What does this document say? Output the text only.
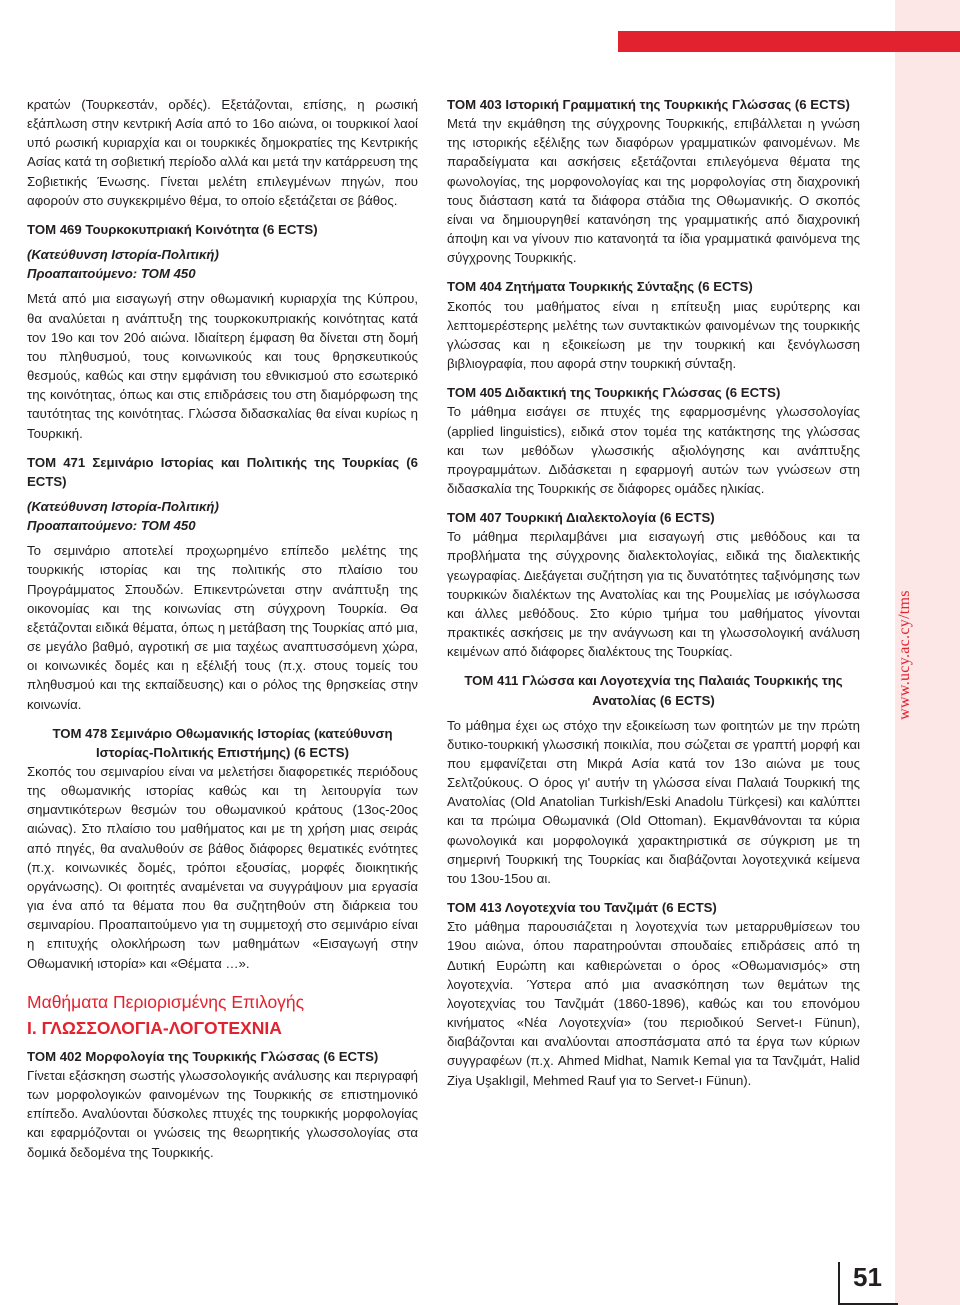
www.ucy.ac.cy/tms

κρατών (Τουρκεστάν, ορδές). Εξετάζονται, επίσης, η ρωσική εξάπλωση στην κεντρική Ασία από το 16ο αιώνα, οι τουρκικοί λαοί υπό ρωσική κυριαρχία και οι τουρκικές δημοκρατίες της Κεντρικής Ασίας κατά τη σοβιετική περίοδο αλλά και μετά την κατάρρευση της Σοβιετικής Ένωσης. Γίνεται μελέτη επιλεγμένων πηγών, που αφορούν στο συγκεκριμένο θέμα, το οποίο εξετάζεται σε βάθος.

ΤΟΜ 469 Τουρκοκυπριακή Κοινότητα (6 ECTS)

(Κατεύθυνση Ιστορία-Πολιτική)

Προαπαιτούμενο: ΤΟΜ 450

Μετά από μια εισαγωγή στην οθωμανική κυριαρχία της Κύπρου, θα αναλύεται η ανάπτυξη της τουρκοκυπριακής κοινότητας κατά τον 19ο και τον 20ό αιώνα. Ιδιαίτερη έμφαση θα δίνεται στη δομή του πληθυσμού, τους κοινωνικούς και τους θρησκευτικούς θεσμούς, καθώς και στην εμφάνιση του εθνικισμού στο εσωτερικό της κοινότητας, όπως και στις επιδράσεις του στη διαμόρφωση της ταυτότητας της κοινότητας. Γλώσσα διδασκαλίας θα είναι κυρίως η Τουρκική.

ΤΟΜ 471 Σεμινάριο Ιστορίας και Πολιτικής της Τουρκίας (6 ECTS)

(Κατεύθυνση Ιστορία-Πολιτική)

Προαπαιτούμενο: ΤΟΜ 450

Το σεμινάριο αποτελεί προχωρημένο επίπεδο μελέτης της τουρκικής ιστορίας και της πολιτικής στο πλαίσιο του Προγράμματος Σπουδών. Επικεντρώνεται στην ανάπτυξη της οικονομίας και της κοινωνίας στη σύγχρονη Τουρκία. Θα εξετάζονται ειδικά θέματα, όπως η μετάβαση της Τουρκίας από μια, σε μεγάλο βαθμό, αγροτική σε μια ταχέως αναπτυσσόμενη χώρα, οι κοινωνικές δομές και η εξέλιξή τους (π.χ. στους τομείς του πληθυσμού και της εκπαίδευσης) και ο ρόλος της θρησκείας στην κοινωνία.

ΤΟΜ 478 Σεμινάριο Οθωμανικής Ιστορίας (κατεύθυνση

Ιστορίας-Πολιτικής Επιστήμης) (6 ECTS)

Σκοπός του σεμιναρίου είναι να μελετήσει διαφορετικές περιόδους της οθωμανικής ιστορίας καθώς και τη λειτουργία των σημαντικότερων θεσμών του οθωμανικού κράτους (13ος-20ος αιώνας). Στο πλαίσιο του μαθήματος και με τη χρήση μιας σειράς από πηγές, θα αναλυθούν σε βάθος διάφορες θεματικές ενότητες (π.χ. κοινωνικές δομές, τρόποι εξουσίας, μορφές διοικητικής οργάνωσης). Οι φοιτητές αναμένεται να συγγράψουν μια εργασία για ένα από τα θέματα που θα συζητηθούν στη διάρκεια του σεμιναρίου. Προαπαιτούμενο για τη συμμετοχή στο σεμινάριο είναι η επιτυχής ολοκλήρωση των μαθημάτων «Εισαγωγή στην Οθωμανική ιστορία» και «Θέματα …».

Μαθήματα Περιορισμένης Επιλογής

Ι. ΓΛΩΣΣΟΛΟΓΙΑ-ΛΟΓΟΤΕΧΝΙΑ

ΤΟΜ 402 Μορφολογία της Τουρκικής Γλώσσας (6 ECTS)

Γίνεται εξάσκηση σωστής γλωσσολογικής ανάλυσης και περιγραφή των μορφολογικών φαινομένων της Τουρκικής σε επιστημονικό επίπεδο. Αναλύονται δύσκολες πτυχές της τουρκικής μορφολογίας και εφαρμόζονται οι γνώσεις της θεωρητικής γλωσσολογίας στα δομικά δεδομένα της Τουρκικής.

ΤΟΜ 403 Ιστορική Γραμματική της Τουρκικής Γλώσσας (6 ECTS)

Μετά την εκμάθηση της σύγχρονης Τουρκικής, επιβάλλεται η γνώση της ιστορικής εξέλιξης των διαφόρων γραμματικών φαινομένων. Με παραδείγματα και ασκήσεις εξετάζονται επιλεγόμενα θέματα της φωνολογίας, της μορφονολογίας και της μορφολογίας στη διαχρονική τους διάσταση κατά τα διάφορα στάδια της Οθωμανικής. Ο σκοπός είναι να δημιουργηθεί κατανόηση της γραμματικής από διαχρονική άποψη και να γίνουν πιο κατανοητά τα ίδια γραμματικά φαινόμενα της σύγχρονης Τουρκικής.

ΤΟΜ 404 Ζητήματα Τουρκικής Σύνταξης (6 ECTS)

Σκοπός του μαθήματος είναι η επίτευξη μιας ευρύτερης και λεπτομερέστερης μελέτης των συντακτικών φαινομένων της τουρκικής γλώσσας και η εξοικείωση με την τουρκική και ξενόγλωσση βιβλιογραφία, που αφορά στην τουρκική σύνταξη.

ΤΟΜ 405 Διδακτική της Τουρκικής Γλώσσας (6 ECTS)

Το μάθημα εισάγει σε πτυχές της εφαρμοσμένης γλωσσολογίας (applied linguistics), ειδικά στον τομέα της κατάκτησης της γλώσσας και των μεθόδων γλωσσικής αξιολόγησης και ανάπτυξης προγραμμάτων. Διδάσκεται η εφαρμογή αυτών των γνώσεων στη διδασκαλία της Τουρκικής σε διάφορες ομάδες ηλικίας.

ΤΟΜ 407 Τουρκική Διαλεκτολογία (6 ECTS)

Το μάθημα περιλαμβάνει μια εισαγωγή στις μεθόδους και τα προβλήματα της σύγχρονης διαλεκτολογίας, ειδικά της διαλεκτικής γεωγραφίας. Διεξάγεται συζήτηση για τις δυνατότητες ταξινόμησης των τουρκικών διαλέκτων της Ανατολίας και της Ρουμελίας με ισόγλωσσα και άλλες μεθόδους. Στο κύριο τμήμα του μαθήματος γίνονται πρακτικές ασκήσεις με την ανάγνωση και τη γλωσσολογική ανάλυση κειμένων από διάφορες διαλέκτους της Τουρκίας.

ΤΟΜ 411 Γλώσσα και Λογοτεχνία της Παλαιάς Τουρκικής της

Ανατολίας (6 ECTS)

Το μάθημα έχει ως στόχο την εξοικείωση των φοιτητών με την πρώτη δυτικο-τουρκική γλωσσική ποικιλία, που σώζεται σε γραπτή μορφή και που εμφανίζεται στη Μικρά Ασία κατά τον 13ο αιώνα με τους Σελτζούκους. Ο όρος γι' αυτήν τη γλώσσα είναι Παλαιά Τουρκική της Ανατολίας (Old Anatolian Turkish/Eski Anadolu Türkçesi) και καλύπτει και τα πρώιμα Οθωμανικά (Old Ottoman). Εκμανθάνονται τα κύρια φωνολογικά και μορφολογικά χαρακτηριστικά σε σύγκριση με τη σημερινή Τουρκική της Τουρκίας και διαβάζονται λογοτεχνικά κείμενα του 13ου-15ου αι.

ΤΟΜ 413 Λογοτεχνία του Τανζιμάτ (6 ECTS)

Στο μάθημα παρουσιάζεται η λογοτεχνία των μεταρρυθμίσεων του 19ου αιώνα, όπου παρατηρούνται σπουδαίες επιδράσεις από τη Δυτική Ευρώπη και καθιερώνεται ο όρος «Οθωμανισμός» στη λογοτεχνία. Ύστερα από μια ανασκόπηση των θεμάτων της λογοτεχνίας του Τανζιμάτ (1860-1896), καθώς και του επονόμου κινήματος «Νέα Λογοτεχνία» (του περιοδικού Servet-ı Fünun), διαβάζονται και αναλύονται αποσπάσματα από τα έργα των κύριων συγγραφέων (π.χ. Ahmed Midhat, Namık Kemal για τα Τανζιμάτ, Halid Ziya Uşaklıgil, Mehmed Rauf για το Servet-ı Fünun).

51
